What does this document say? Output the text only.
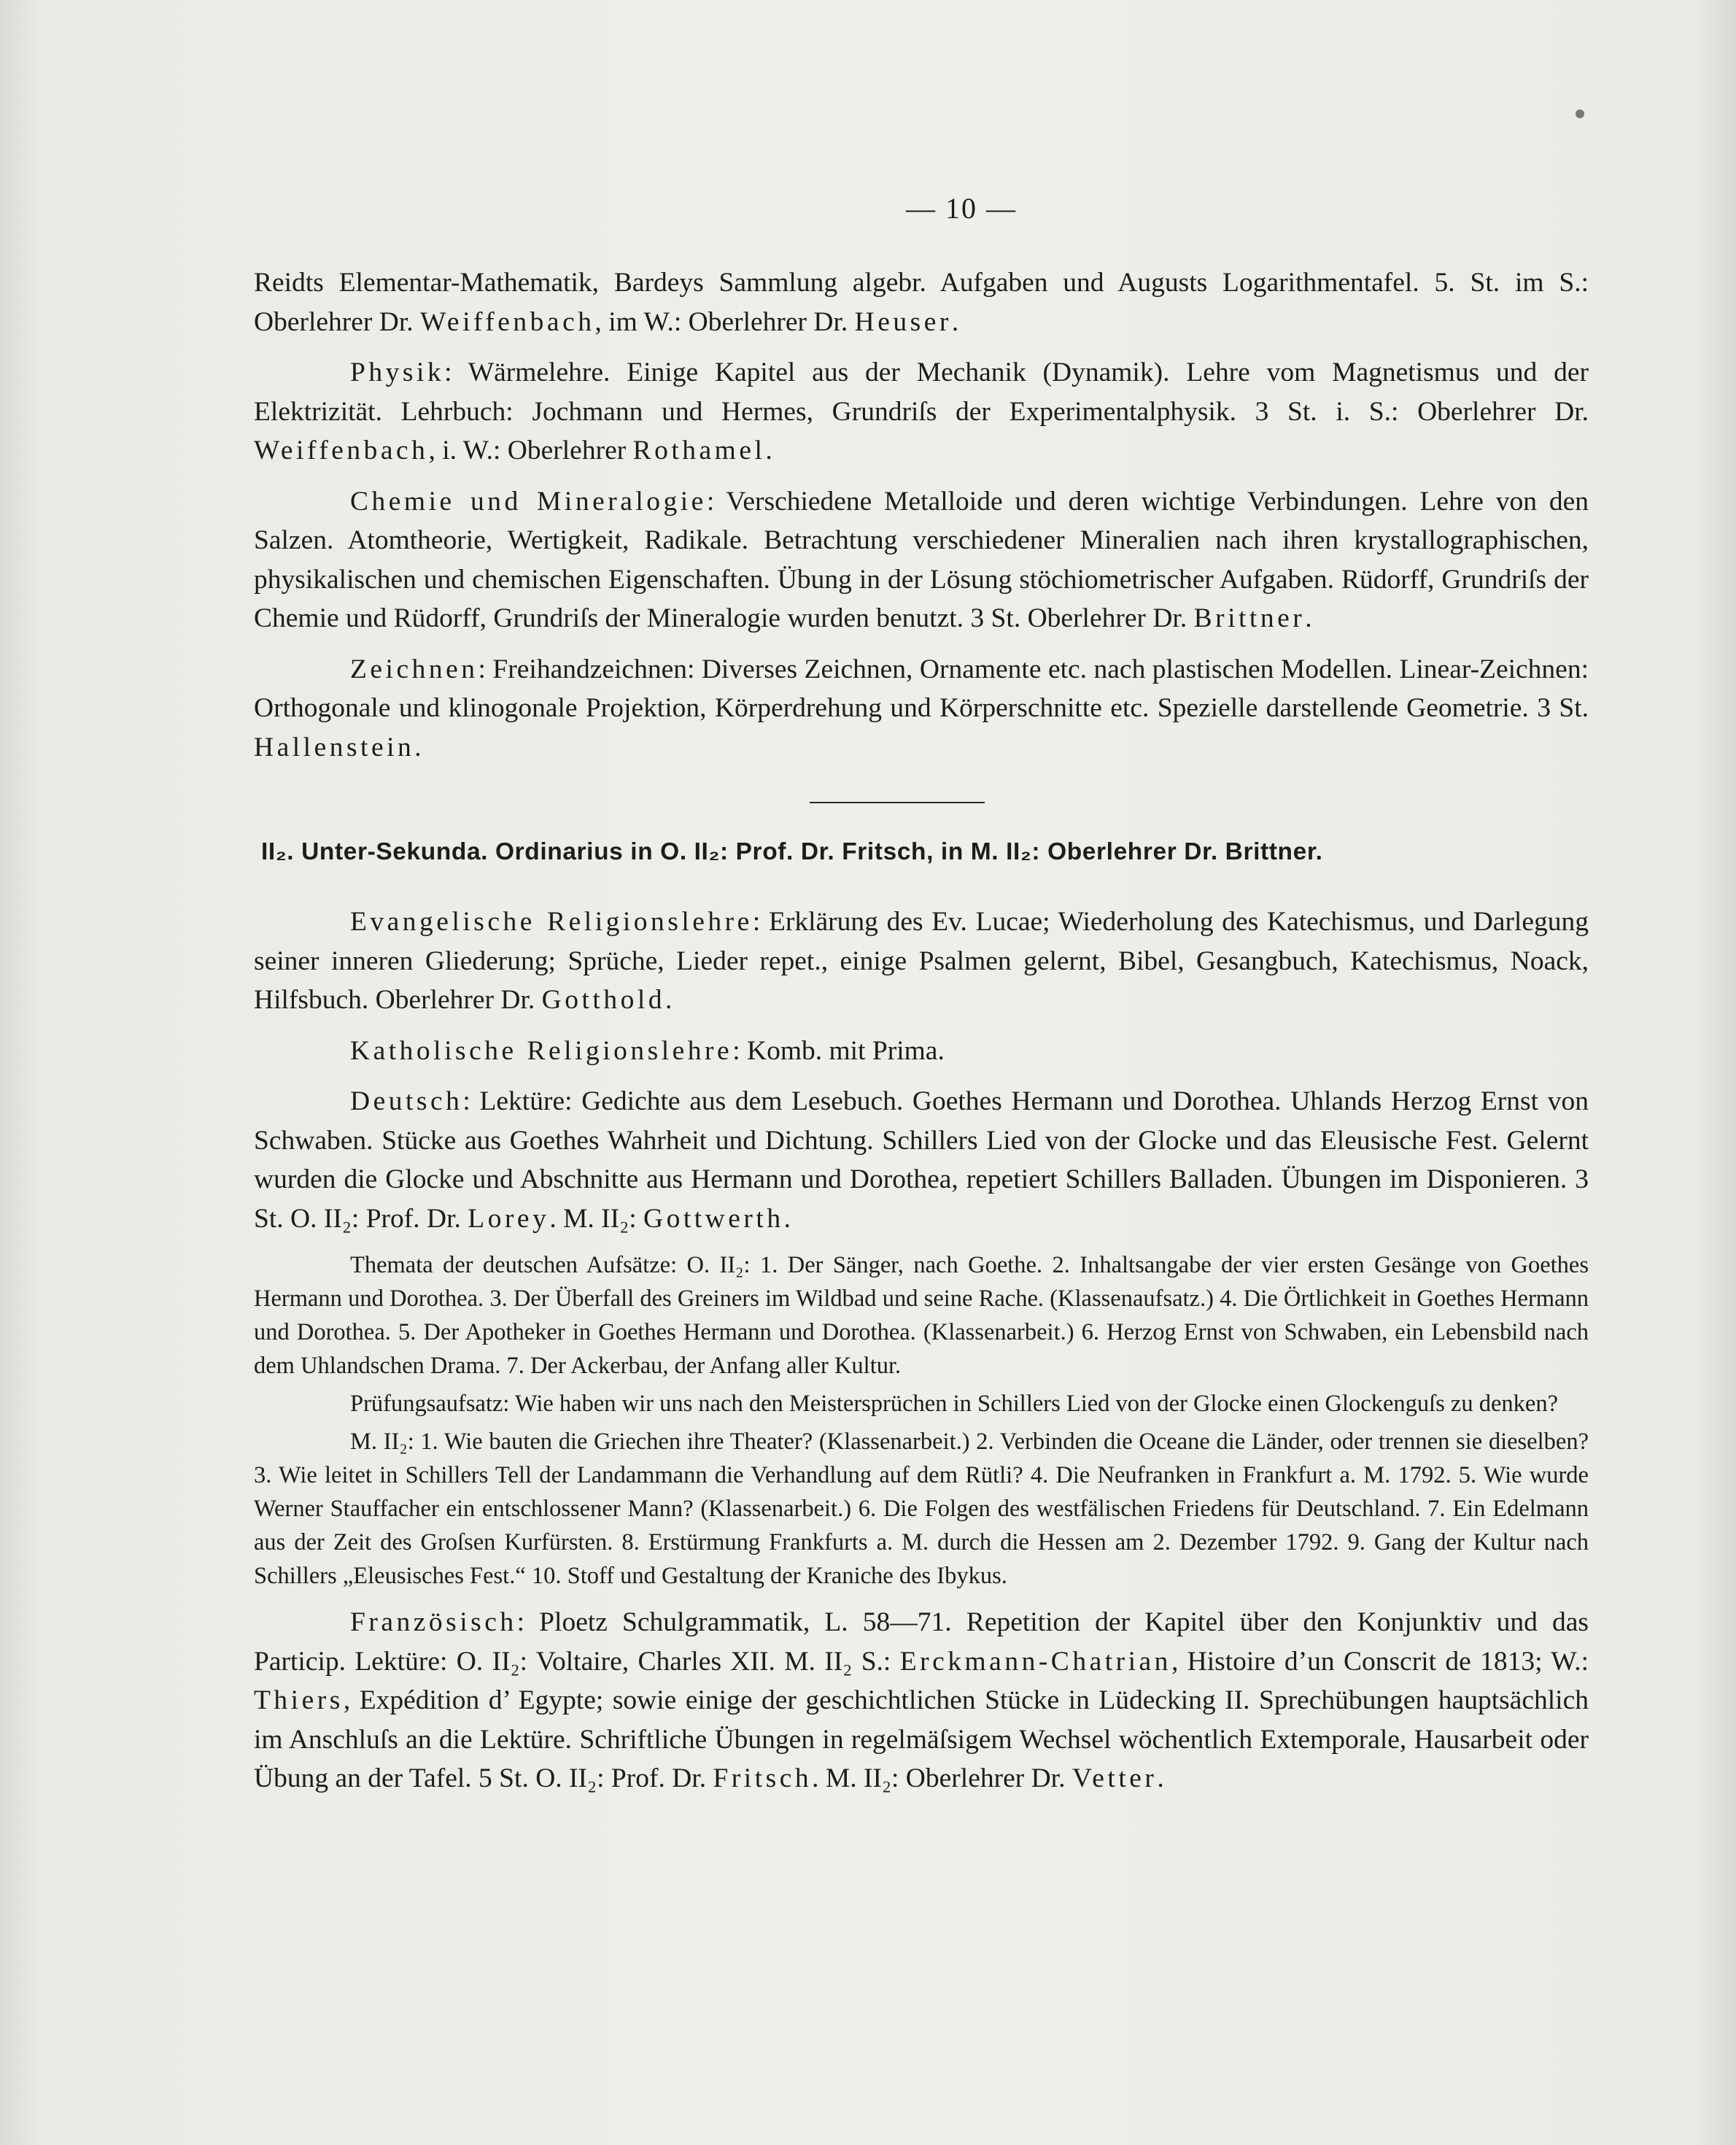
— 10 —

Reidts Elementar-Mathematik, Bardeys Sammlung algebr. Aufgaben und Augusts Logarithmentafel. 5. St. im S.: Oberlehrer Dr. Weiffenbach, im W.: Oberlehrer Dr. Heuser.

Physik: Wärmelehre. Einige Kapitel aus der Mechanik (Dynamik). Lehre vom Magnetismus und der Elektrizität. Lehrbuch: Jochmann und Hermes, Grundriſs der Experimentalphysik. 3 St. i. S.: Oberlehrer Dr. Weiffenbach, i. W.: Oberlehrer Rothamel.

Chemie und Mineralogie: Verschiedene Metalloide und deren wichtige Verbindungen. Lehre von den Salzen. Atomtheorie, Wertigkeit, Radikale. Betrachtung verschiedener Mineralien nach ihren krystallographischen, physikalischen und chemischen Eigenschaften. Übung in der Lösung stöchiometrischer Aufgaben. Rüdorff, Grundriſs der Chemie und Rüdorff, Grundriſs der Mineralogie wurden benutzt. 3 St. Oberlehrer Dr. Brittner.

Zeichnen: Freihandzeichnen: Diverses Zeichnen, Ornamente etc. nach plastischen Modellen. Linear-Zeichnen: Orthogonale und klinogonale Projektion, Körperdrehung und Körperschnitte etc. Spezielle darstellende Geometrie. 3 St. Hallenstein.

II₂. Unter-Sekunda. Ordinarius in O. II₂: Prof. Dr. Fritsch, in M. II₂: Oberlehrer Dr. Brittner.

Evangelische Religionslehre: Erklärung des Ev. Lucae; Wiederholung des Katechismus, und Darlegung seiner inneren Gliederung; Sprüche, Lieder repet., einige Psalmen gelernt, Bibel, Gesangbuch, Katechismus, Noack, Hilfsbuch. Oberlehrer Dr. Gotthold.

Katholische Religionslehre: Komb. mit Prima.

Deutsch: Lektüre: Gedichte aus dem Lesebuch. Goethes Hermann und Dorothea. Uhlands Herzog Ernst von Schwaben. Stücke aus Goethes Wahrheit und Dichtung. Schillers Lied von der Glocke und das Eleusische Fest. Gelernt wurden die Glocke und Abschnitte aus Hermann und Dorothea, repetiert Schillers Balladen. Übungen im Disponieren. 3 St. O. II₂: Prof. Dr. Lorey. M. II₂: Gottwerth.

Themata der deutschen Aufsätze: O. II₂: 1. Der Sänger, nach Goethe. 2. Inhaltsangabe der vier ersten Gesänge von Goethes Hermann und Dorothea. 3. Der Überfall des Greiners im Wildbad und seine Rache. (Klassenaufsatz.) 4. Die Örtlichkeit in Goethes Hermann und Dorothea. 5. Der Apotheker in Goethes Hermann und Dorothea. (Klassenarbeit.) 6. Herzog Ernst von Schwaben, ein Lebensbild nach dem Uhlandschen Drama. 7. Der Ackerbau, der Anfang aller Kultur.

Prüfungsaufsatz: Wie haben wir uns nach den Meistersprüchen in Schillers Lied von der Glocke einen Glockenguſs zu denken?

M. II₂: 1. Wie bauten die Griechen ihre Theater? (Klassenarbeit.) 2. Verbinden die Oceane die Länder, oder trennen sie dieselben? 3. Wie leitet in Schillers Tell der Landammann die Verhandlung auf dem Rütli? 4. Die Neufranken in Frankfurt a. M. 1792. 5. Wie wurde Werner Stauffacher ein entschlossener Mann? (Klassenarbeit.) 6. Die Folgen des westfälischen Friedens für Deutschland. 7. Ein Edelmann aus der Zeit des Groſsen Kurfürsten. 8. Erstürmung Frankfurts a. M. durch die Hessen am 2. Dezember 1792. 9. Gang der Kultur nach Schillers „Eleusisches Fest.“ 10. Stoff und Gestaltung der Kraniche des Ibykus.

Französisch: Ploetz Schulgrammatik, L. 58—71. Repetition der Kapitel über den Konjunktiv und das Particip. Lektüre: O. II₂: Voltaire, Charles XII. M. II₂ S.: Erckmann-Chatrian, Histoire d’un Conscrit de 1813; W.: Thiers, Expédition d’ Egypte; sowie einige der geschichtlichen Stücke in Lüdecking II. Sprechübungen hauptsächlich im Anschluſs an die Lektüre. Schriftliche Übungen in regelmäſsigem Wechsel wöchentlich Extemporale, Hausarbeit oder Übung an der Tafel. 5 St. O. II₂: Prof. Dr. Fritsch. M. II₂: Oberlehrer Dr. Vetter.
